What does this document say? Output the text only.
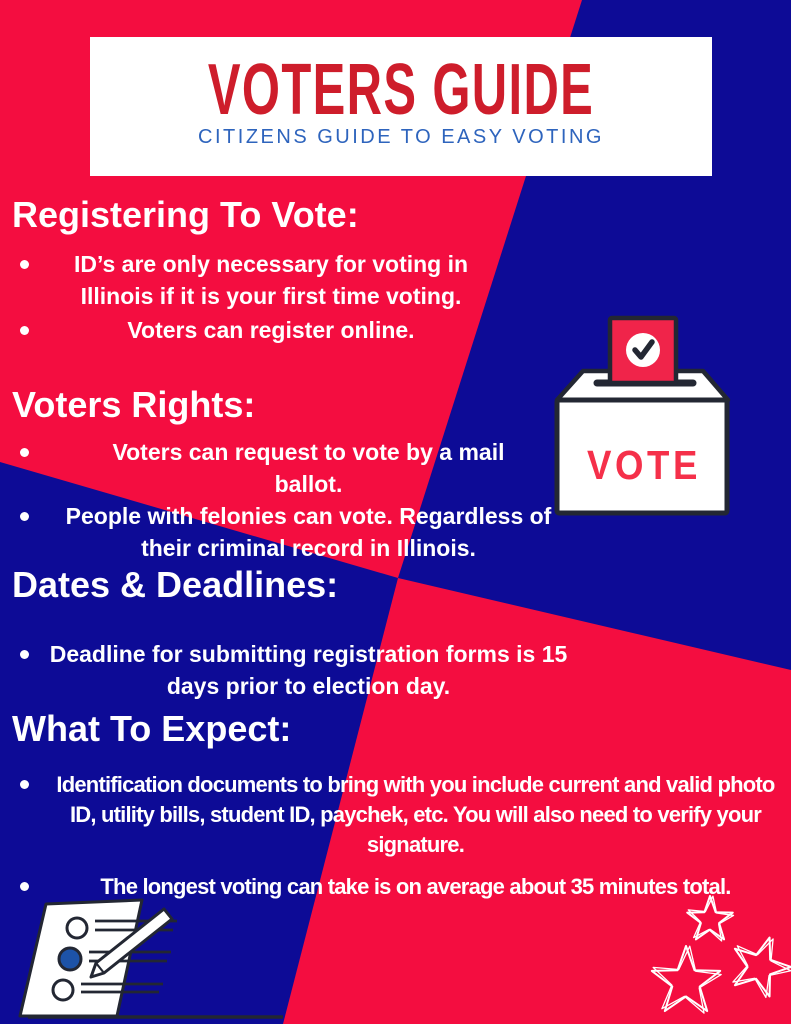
VOTERS GUIDE
CITIZENS GUIDE TO EASY VOTING
Registering To Vote:
ID’s are only necessary for voting in Illinois if it is your first time voting.
Voters can register online.
Voters Rights:
Voters can request to vote by a mail ballot.
People with felonies can vote. Regardless of their criminal record in Illinois.
Dates & Deadlines:
Deadline for submitting registration forms is 15 days prior to election day.
What To Expect:
Identification documents to bring with you include current and valid photo ID, utility bills, student ID, paychek, etc. You will also need to verify your signature.
The longest voting can take is on average about 35 minutes total.
VOTE
